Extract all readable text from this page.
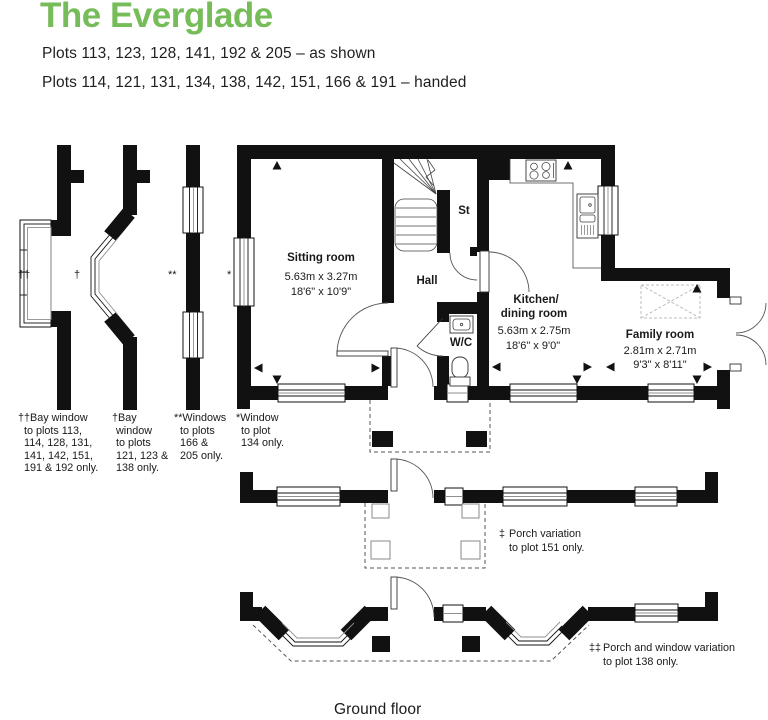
The Everglade
Plots 113, 123, 128, 141, 192 & 205 – as shown
Plots 114, 121, 131, 134, 138, 142, 151, 166 & 191 – handed
Sitting room
5.63m x 3.27m
18'6" x 10'9"
Hall
St
W/C
Kitchen/
dining room
5.63m x 2.75m
18'6" x 9'0"
Family room
2.81m x 2.71m
9'3" x 8'11"
††	†	**	*
††Bay window
to plots 113,
114, 128, 131,
141, 142, 151,
191 & 192 only.
†Bay
window
to plots
121, 123 &
138 only.
**Windows
to plots
166 &
205 only.
*Window
to plot
134 only.
‡ Porch variation
to plot 151 only.
‡‡ Porch and window variation
to plot 138 only.
Ground floor
